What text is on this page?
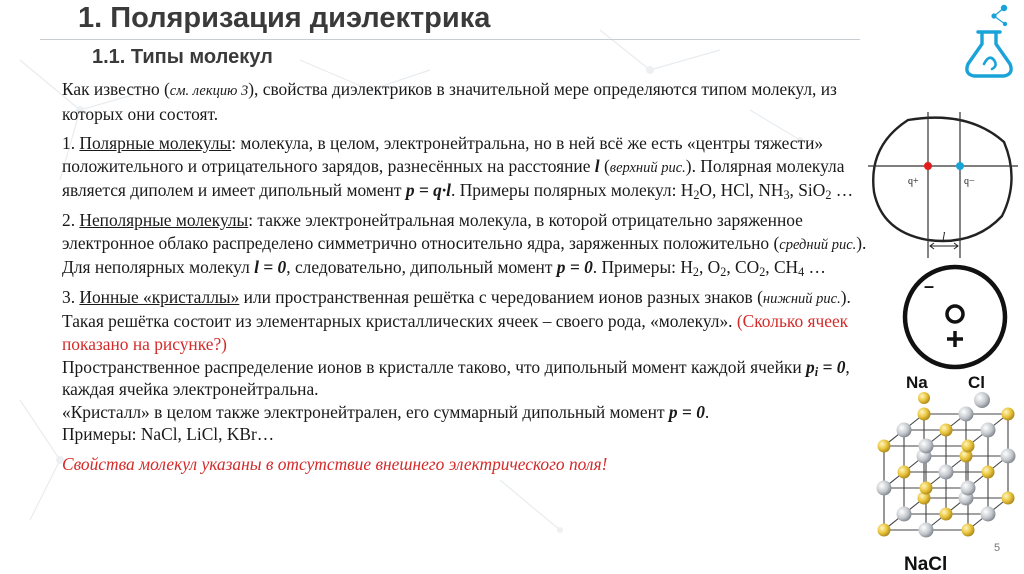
1. Поляризация диэлектрика
1.1. Типы молекул

Как известно (см. лекцию 3), свойства диэлектриков в значительной мере определяются типом молекул, из которых они состоят.

1. Полярные молекулы: молекула, в целом, электронейтральна, но в ней всё же есть «центры тяжести» положительного и отрицательного зарядов, разнесённых на расстояние l (верхний рис.). Полярная молекула является диполем и имеет дипольный момент p = q·l. Примеры полярных молекул: $H_2O$, HCl, $NH_3$, SiO$_2$ …

2. Неполярные молекулы: также электронейтральная молекула, в которой отрицательно заряженное электронное облако распределено симметрично относительно ядра, заряженных положительно (средний рис.). Для неполярных молекул l = 0, следовательно, дипольный момент p = 0. Примеры: $H_2$, $O_2$, $CO_2$, $CH_4$ …

3. Ионные «кристаллы» или пространственная решётка с чередованием ионов разных знаков (нижний рис.). Такая решётка состоит из элементарных кристаллических ячеек – своего рода, «молекул». (Сколько ячеек показано на рисунке?)

Пространственное распределение ионов в кристалле таково, что дипольный момент каждой ячейки $p_i = 0$, каждая ячейка электронейтральна.

«Кристалл» в целом также электронейтрален, его суммарный дипольный момент p = 0.

Примеры: NaCl, LiCl, KBr…

Свойства молекул указаны в отсутствие внешнего электрического поля!

q+	q−
l
–
+
Na Cl
NaCl
5
